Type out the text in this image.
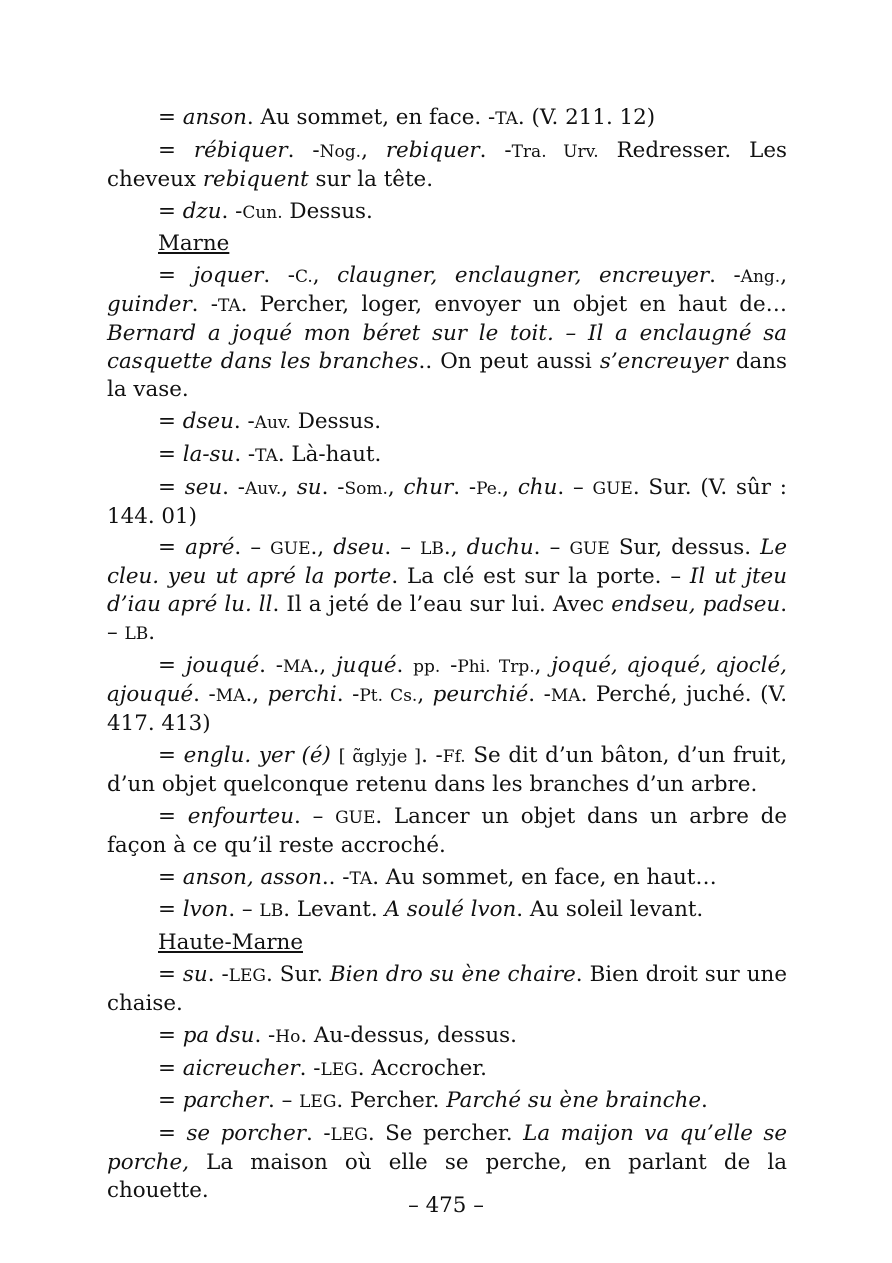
= anson. Au sommet, en face. -TA. (V. 211. 12)

= rébiquer. -Nog., rebiquer. -Tra. Urv. Redresser. Les cheveux rebiquent sur la tête.

= dzu. -Cun. Dessus.

Marne

= joquer. -C., claugner, enclaugner, encreuyer. -Ang., guinder. -TA. Percher, loger, envoyer un objet en haut de… Bernard a joqué mon béret sur le toit. – Il a enclaugné sa casquette dans les branches.. On peut aussi s’encreuyer dans la vase.

= dseu. -Auv. Dessus.

= la-su. -TA. Là-haut.

= seu. -Auv., su. -Som., chur. -Pe., chu. – GUE. Sur. (V. sûr : 144. 01)

= apré. – GUE., dseu. – LB., duchu. – GUE Sur, dessus. Le cleu. yeu ut apré la porte. La clé est sur la porte. – Il ut jteu d’iau apré lu. ll. Il a jeté de l’eau sur lui. Avec endseu, padseu. – LB.

= jouqué. -MA., juqué. pp. -Phi. Trp., joqué, ajoqué, ajoclé, ajouqué. -MA., perchi. -Pt. Cs., peurchié. -MA. Perché, juché. (V. 417. 413)

= englu. yer (é) [ ɑ̃glyje ]. -Ff. Se dit d’un bâton, d’un fruit, d’un objet quelconque retenu dans les branches d’un arbre.

= enfourteu. – GUE. Lancer un objet dans un arbre de façon à ce qu’il reste accroché.

= anson, asson.. -TA. Au sommet, en face, en haut…

= lvon. – LB. Levant. A soulé lvon. Au soleil levant.

Haute-Marne

= su. -LEG. Sur. Bien dro su ène chaire. Bien droit sur une chaise.

= pa dsu. -Ho. Au-dessus, dessus.

= aicreucher. -LEG. Accrocher.

= parcher. – LEG. Percher. Parché su ène brainche.

= se porcher. -LEG. Se percher. La maijon va qu’elle se porche, La maison où elle se perche, en parlant de la chouette.

– 475 –
